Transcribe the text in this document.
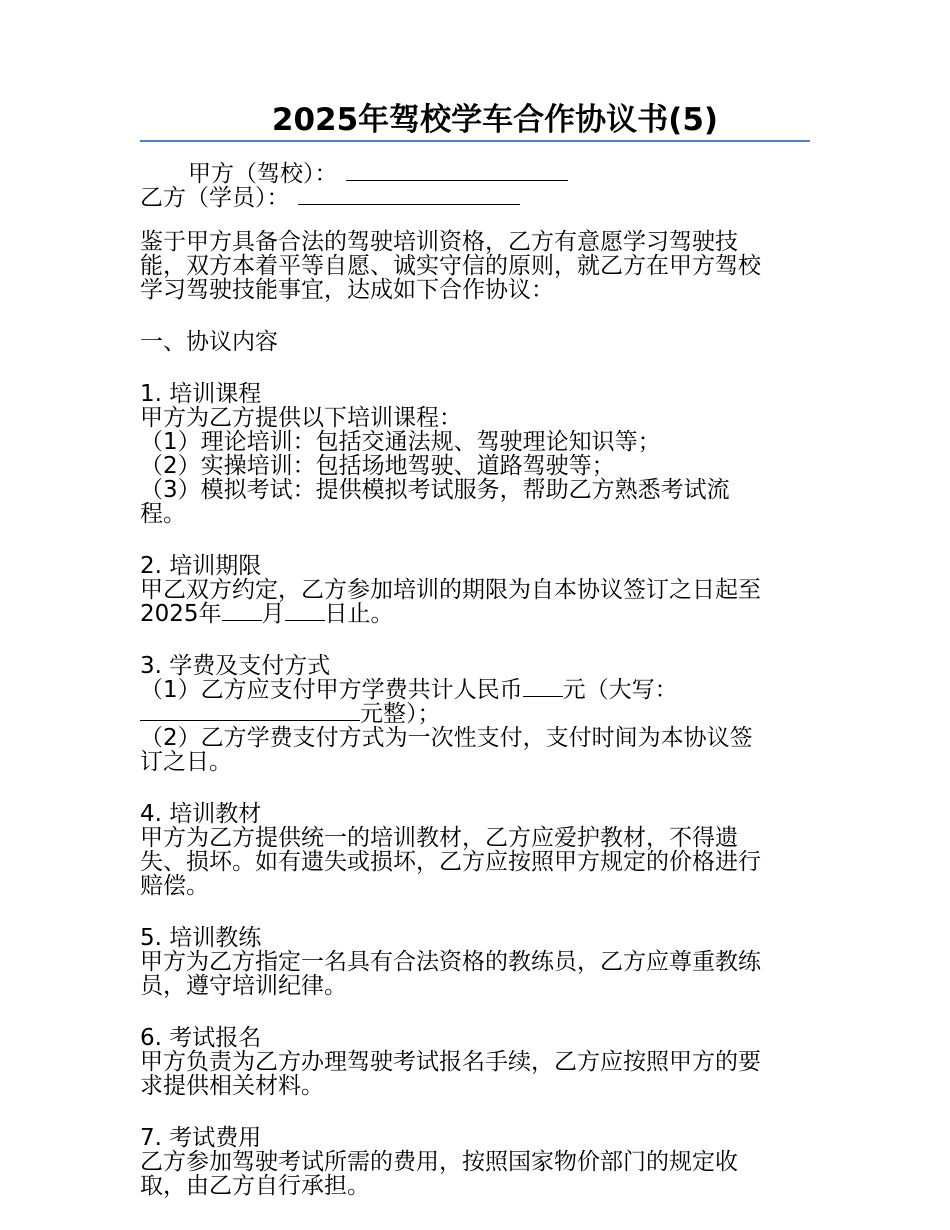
2025年驾校学车合作协议书(5)
甲方（驾校）：
乙方（学员）：
鉴于甲方具备合法的驾驶培训资格，乙方有意愿学习驾驶技
能，双方本着平等自愿、诚实守信的原则，就乙方在甲方驾校
学习驾驶技能事宜，达成如下合作协议：
一、协议内容
1. 培训课程
甲方为乙方提供以下培训课程：
（1）理论培训：包括交通法规、驾驶理论知识等；
（2）实操培训：包括场地驾驶、道路驾驶等；
（3）模拟考试：提供模拟考试服务，帮助乙方熟悉考试流
程。
2. 培训期限
甲乙双方约定，乙方参加培训的期限为自本协议签订之日起至
2025年 月 日止。
3. 学费及支付方式
（1）乙方应支付甲方学费共计人民币 元（大写：
元整）；
（2）乙方学费支付方式为一次性支付，支付时间为本协议签
订之日。
4. 培训教材
甲方为乙方提供统一的培训教材，乙方应爱护教材，不得遗
失、损坏。如有遗失或损坏，乙方应按照甲方规定的价格进行
赔偿。
5. 培训教练
甲方为乙方指定一名具有合法资格的教练员，乙方应尊重教练
员，遵守培训纪律。
6. 考试报名
甲方负责为乙方办理驾驶考试报名手续，乙方应按照甲方的要
求提供相关材料。
7. 考试费用
乙方参加驾驶考试所需的费用，按照国家物价部门的规定收
取，由乙方自行承担。
